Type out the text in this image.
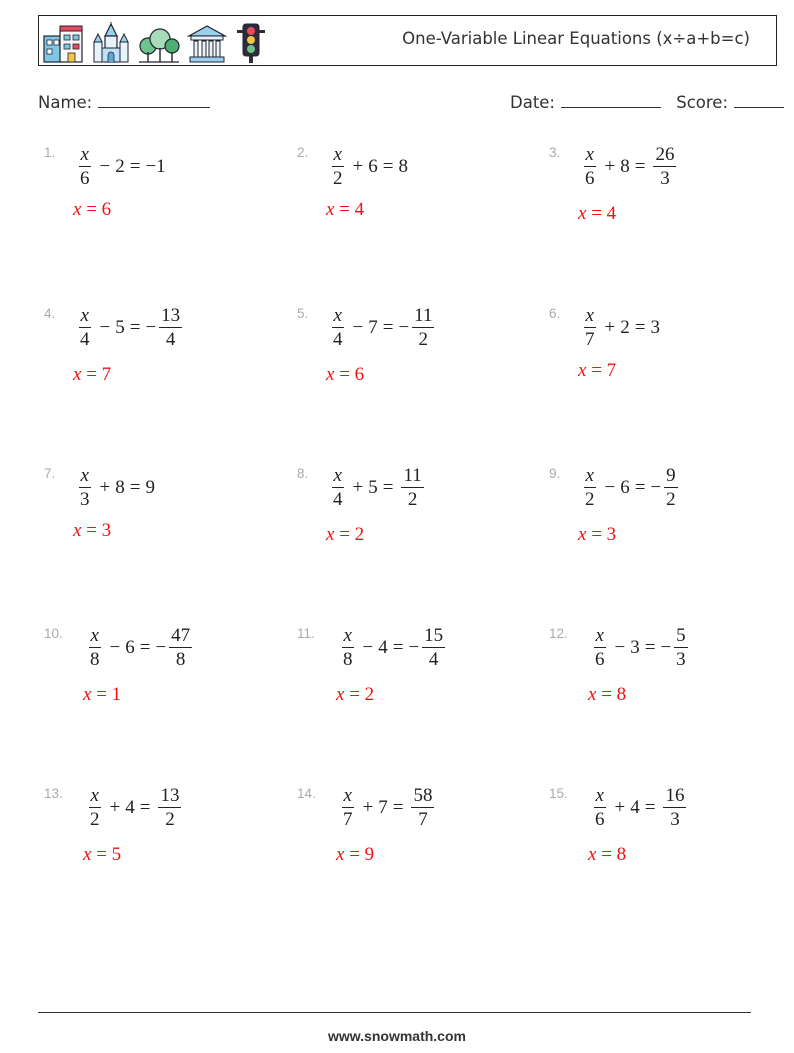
One-Variable Linear Equations (x÷a+b=c)
Name:	Date:	Score:
1. $\frac{x}{6} - 2 = -1$
x = 6
2. $\frac{x}{2} + 6 = 8$
x = 4
3. $\frac{x}{6} + 8 = \frac{26}{3}$
x = 4
4. $\frac{x}{4} - 5$ = − $\frac{13}{4}$
x = 7
5. $\frac{x}{4} - 7$ = − $\frac{11}{2}$
x = 6
6. $\frac{x}{7} + 2 = 3$
x = 7
7. $\frac{x}{3} + 8 = 9$
x = 3
8. $\frac{x}{4} + 5 = \frac{11}{2}$
x = 2
9. $\frac{x}{2} - 6$ = − $\frac{9}{2}$
x = 3
10. $\frac{x}{8} - 6$ = − $\frac{47}{8}$
x = 1
11. $\frac{x}{8} - 4$ = − $\frac{15}{4}$
x = 2
12. $\frac{x}{6} - 3$ = − $\frac{5}{3}$
x = 8
13. $\frac{x}{2} + 4 = \frac{13}{2}$
x = 5
14. $\frac{x}{7} + 7 = \frac{58}{7}$
x = 9
15. $\frac{x}{6} + 4 = \frac{16}{3}$
x = 8
www.snowmath.com
